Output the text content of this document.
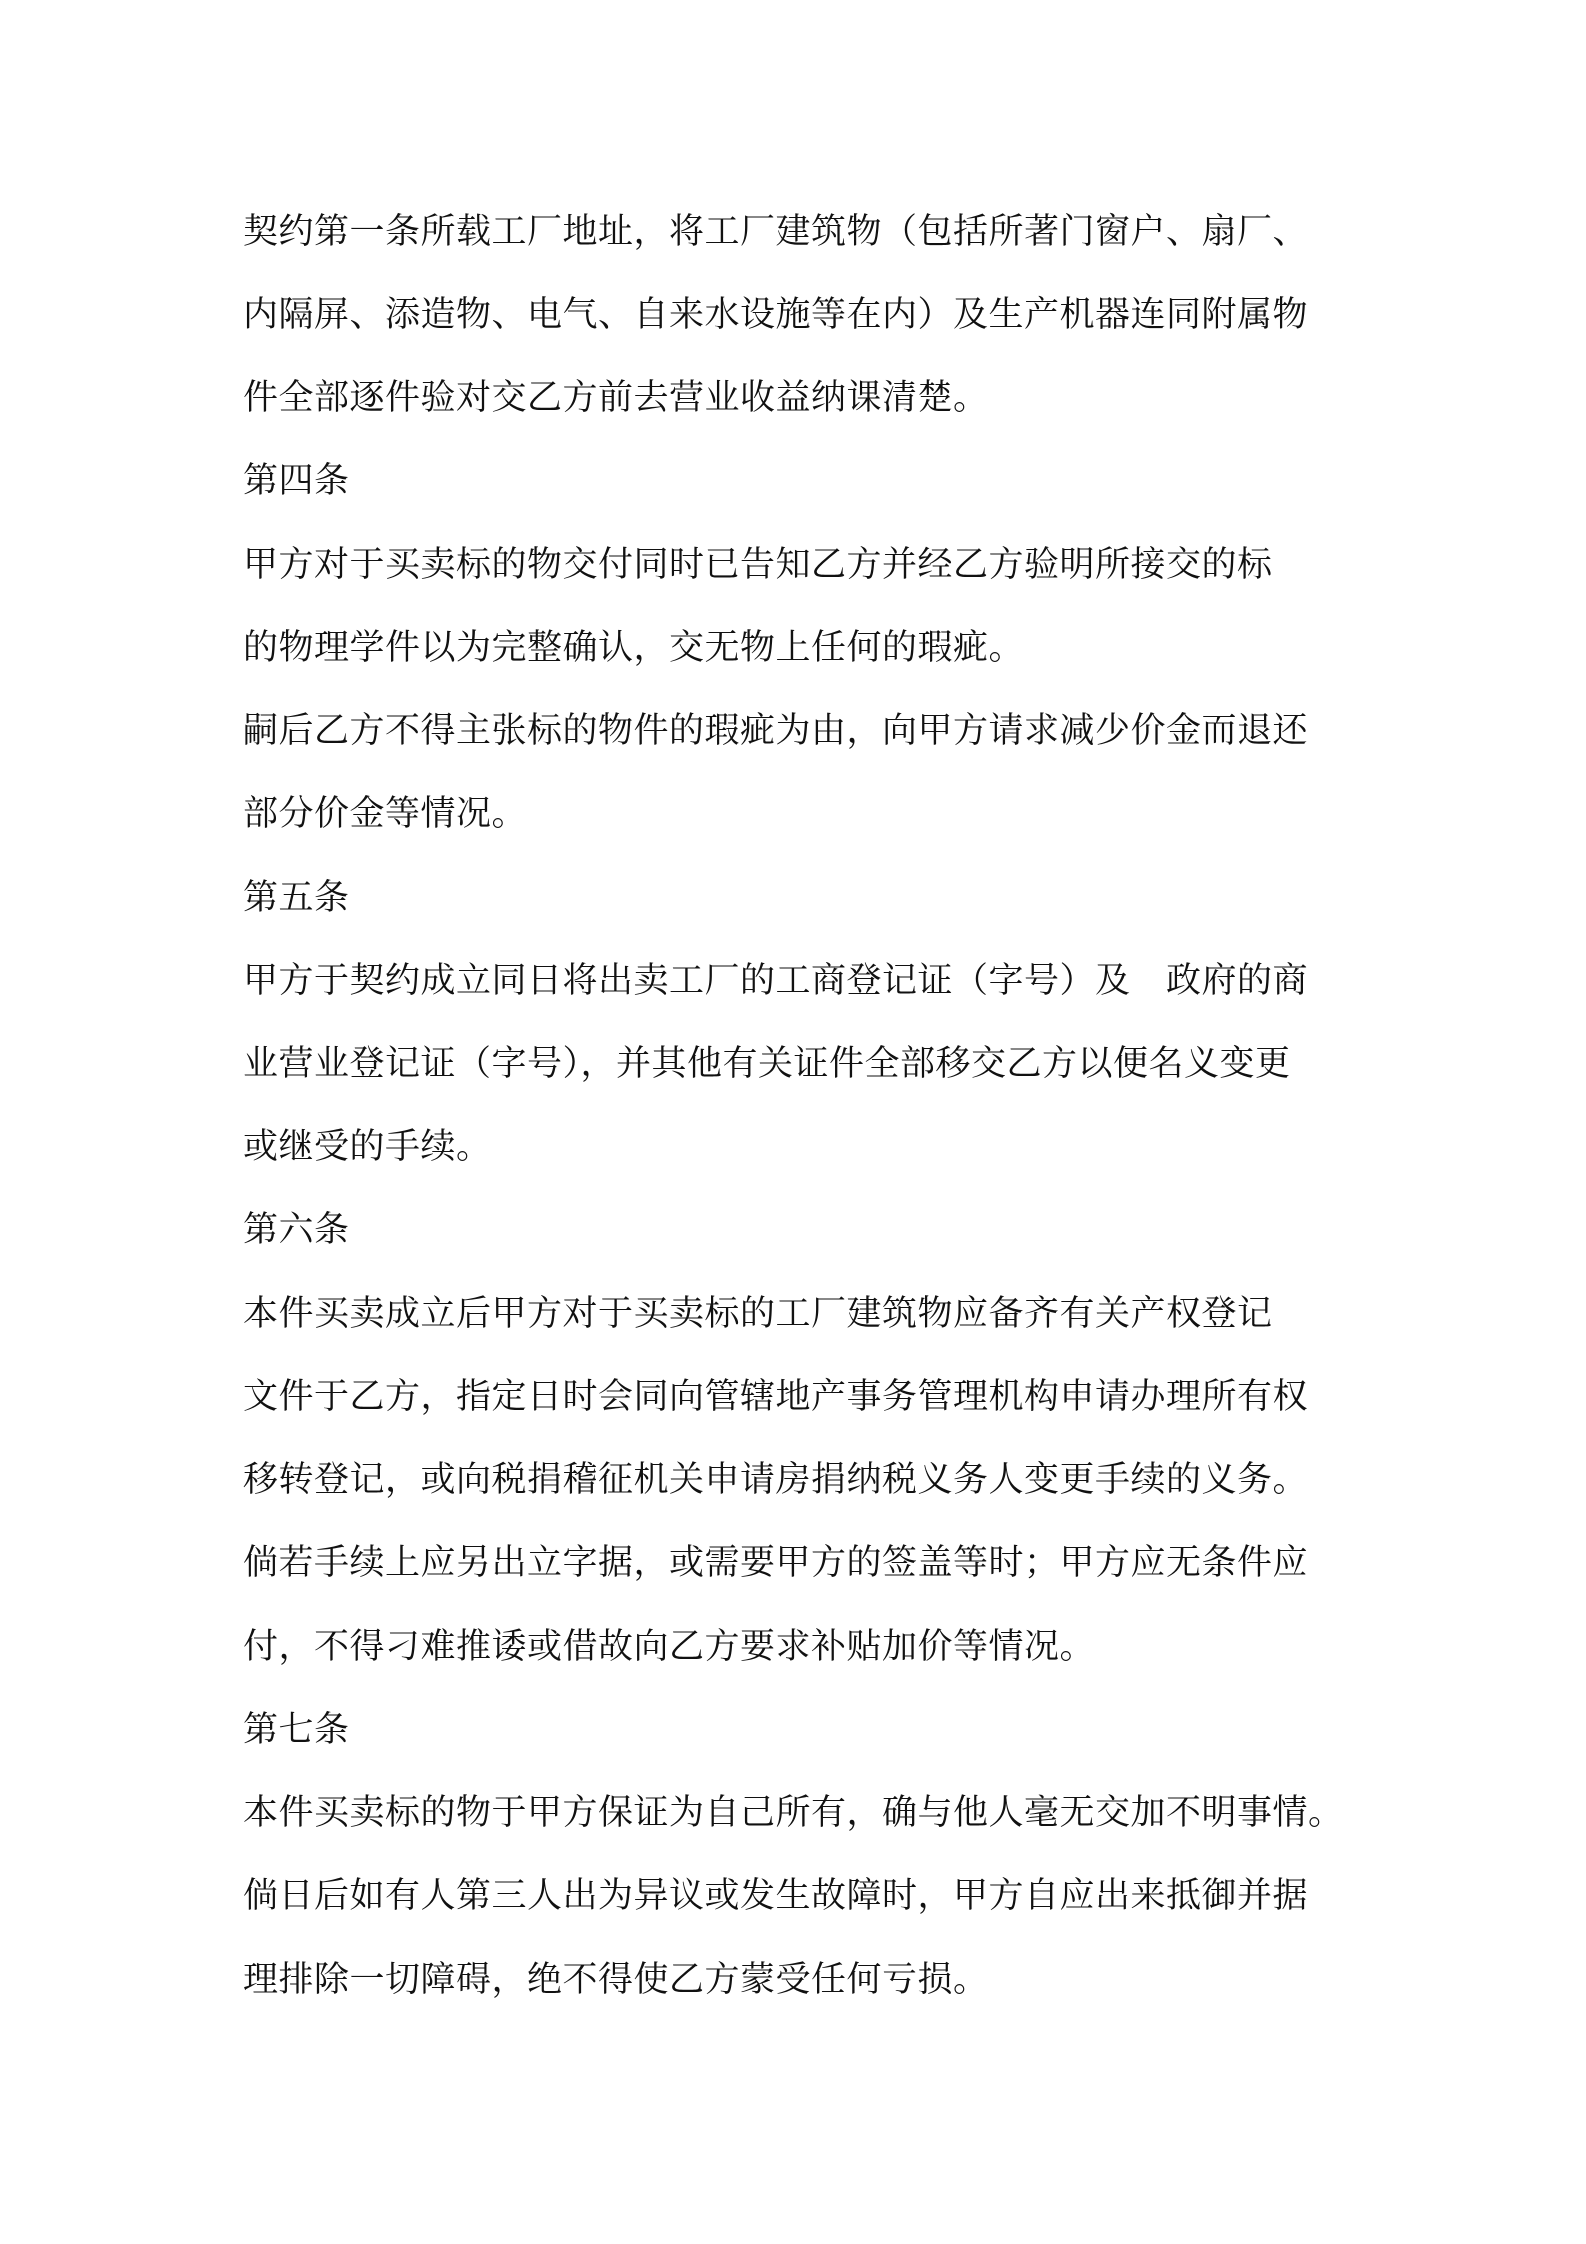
契约第一条所载工厂地址，将工厂建筑物（包括所著门窗户、扇厂、
内隔屏、添造物、电气、自来水设施等在内）及生产机器连同附属物
件全部逐件验对交乙方前去营业收益纳课清楚。
第四条
甲方对于买卖标的物交付同时已告知乙方并经乙方验明所接交的标
的物理学件以为完整确认，交无物上任何的瑕疵。
嗣后乙方不得主张标的物件的瑕疵为由，向甲方请求减少价金而退还
部分价金等情况。
第五条
甲方于契约成立同日将出卖工厂的工商登记证（字号）及　政府的商
业营业登记证（字号），并其他有关证件全部移交乙方以便名义变更
或继受的手续。
第六条
本件买卖成立后甲方对于买卖标的工厂建筑物应备齐有关产权登记
文件于乙方，指定日时会同向管辖地产事务管理机构申请办理所有权
移转登记，或向税捐稽征机关申请房捐纳税义务人变更手续的义务。
倘若手续上应另出立字据，或需要甲方的签盖等时；甲方应无条件应
付，不得刁难推诿或借故向乙方要求补贴加价等情况。
第七条
本件买卖标的物于甲方保证为自己所有，确与他人毫无交加不明事情。
倘日后如有人第三人出为异议或发生故障时，甲方自应出来抵御并据
理排除一切障碍，绝不得使乙方蒙受任何亏损。
